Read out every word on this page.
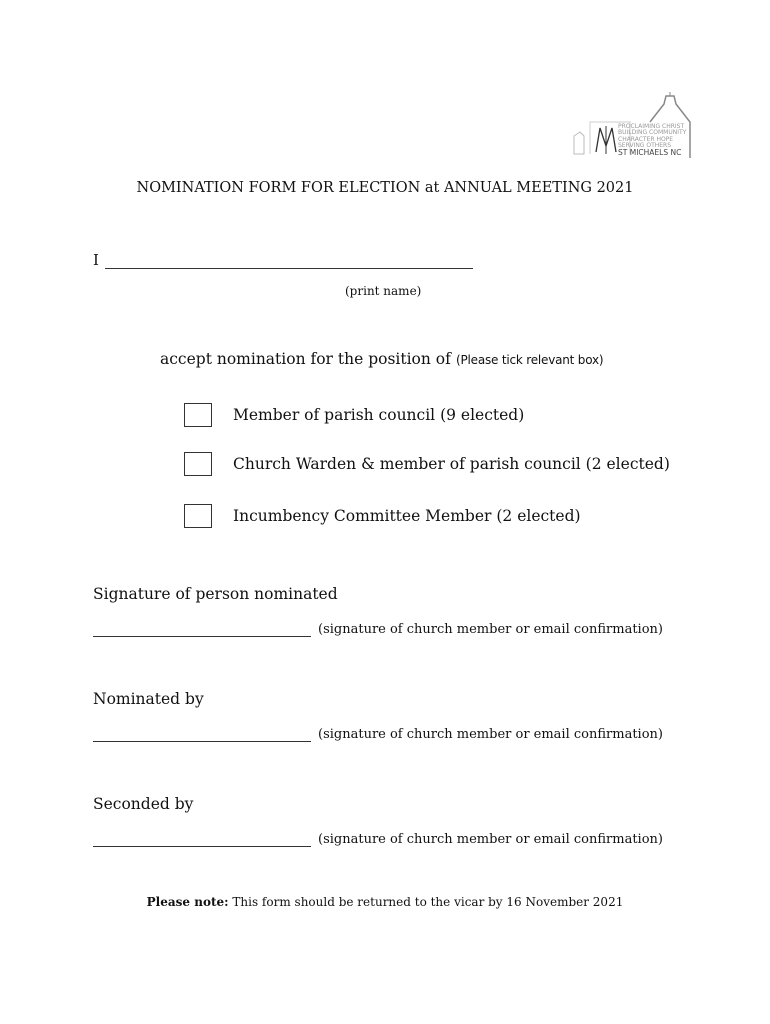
PROCLAIMING CHRIST
BUILDING COMMUNITY
CHARACTER HOPE
SERVING OTHERS
ST MICHAELS NC
NOMINATION FORM FOR ELECTION at ANNUAL MEETING 2021
I
(print name)
accept nomination for the position of (Please tick relevant box)
Member of parish council (9 elected)
Church Warden & member of parish council (2 elected)
Incumbency Committee Member (2 elected)
Signature of person nominated
(signature of church member or email confirmation)
Nominated by
(signature of church member or email confirmation)
Seconded by
(signature of church member or email confirmation)
Please note: This form should be returned to the vicar by 16 November 2021
